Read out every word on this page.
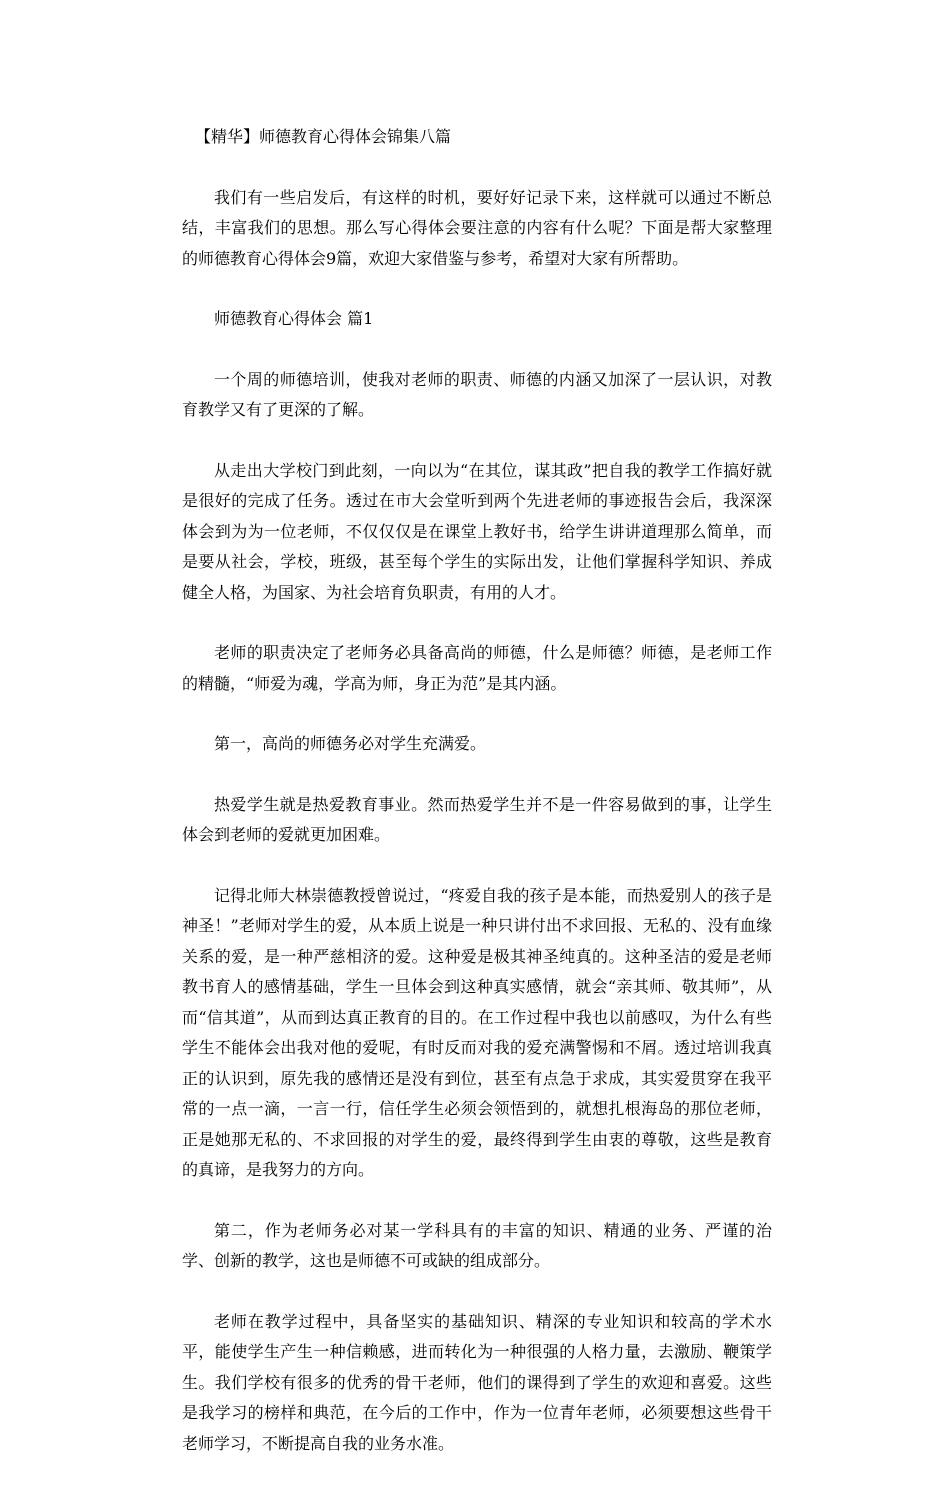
【精华】师德教育心得体会锦集八篇

我们有一些启发后，有这样的时机，要好好记录下来，这样就可以通过不断总结，丰富我们的思想。那么写心得体会要注意的内容有什么呢？下面是帮大家整理的师德教育心得体会9篇，欢迎大家借鉴与参考，希望对大家有所帮助。

师德教育心得体会 篇1

一个周的师德培训，使我对老师的职责、师德的内涵又加深了一层认识，对教育教学又有了更深的了解。

从走出大学校门到此刻，一向以为“在其位，谋其政”把自我的教学工作搞好就是很好的完成了任务。透过在市大会堂听到两个先进老师的事迹报告会后，我深深体会到为为一位老师，不仅仅仅是在课堂上教好书，给学生讲讲道理那么简单，而是要从社会，学校，班级，甚至每个学生的实际出发，让他们掌握科学知识、养成健全人格，为国家、为社会培育负职责，有用的人才。

老师的职责决定了老师务必具备高尚的师德，什么是师德？师德，是老师工作的精髓，“师爱为魂，学高为师，身正为范”是其内涵。

第一，高尚的师德务必对学生充满爱。

热爱学生就是热爱教育事业。然而热爱学生并不是一件容易做到的事，让学生体会到老师的爱就更加困难。

记得北师大林崇德教授曾说过，“疼爱自我的孩子是本能，而热爱别人的孩子是神圣！”老师对学生的爱，从本质上说是一种只讲付出不求回报、无私的、没有血缘关系的爱，是一种严慈相济的爱。这种爱是极其神圣纯真的。这种圣洁的爱是老师教书育人的感情基础，学生一旦体会到这种真实感情，就会“亲其师、敬其师”，从而“信其道”，从而到达真正教育的目的。在工作过程中我也以前感叹，为什么有些学生不能体会出我对他的爱呢，有时反而对我的爱充满警惕和不屑。透过培训我真正的认识到，原先我的感情还是没有到位，甚至有点急于求成，其实爱贯穿在我平常的一点一滴，一言一行，信任学生必须会领悟到的，就想扎根海岛的那位老师，正是她那无私的、不求回报的对学生的爱，最终得到学生由衷的尊敬，这些是教育的真谛，是我努力的方向。

第二，作为老师务必对某一学科具有的丰富的知识、精通的业务、严谨的治学、创新的教学，这也是师德不可或缺的组成部分。

老师在教学过程中，具备坚实的基础知识、精深的专业知识和较高的学术水平，能使学生产生一种信赖感，进而转化为一种很强的人格力量，去激励、鞭策学生。我们学校有很多的优秀的骨干老师，他们的课得到了学生的欢迎和喜爱。这些是我学习的榜样和典范，在今后的工作中，作为一位青年老师，必须要想这些骨干老师学习，不断提高自我的业务水准。
